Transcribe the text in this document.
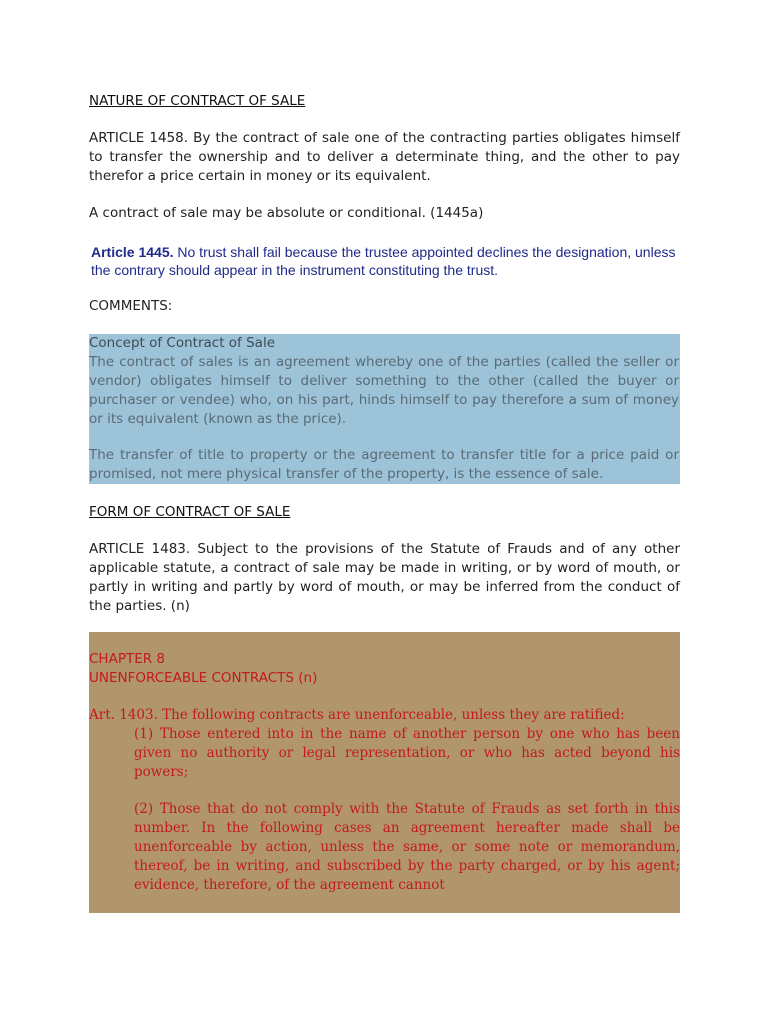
NATURE OF CONTRACT OF SALE

ARTICLE 1458. By the contract of sale one of the contracting parties obligates himself to transfer the ownership and to deliver a determinate thing, and the other to pay therefor a price certain in money or its equivalent.

A contract of sale may be absolute or conditional. (1445a)

Article 1445. No trust shall fail because the trustee appointed declines the designation, unless the contrary should appear in the instrument constituting the trust.

COMMENTS:

Concept of Contract of Sale

The contract of sales is an agreement whereby one of the parties (called the seller or vendor) obligates himself to deliver something to the other (called the buyer or purchaser or vendee) who, on his part, hinds himself to pay therefore a sum of money or its equivalent (known as the price).

The transfer of title to property or the agreement to transfer title for a price paid or promised, not mere physical transfer of the property, is the essence of sale.

FORM OF CONTRACT OF SALE

ARTICLE 1483. Subject to the provisions of the Statute of Frauds and of any other applicable statute, a contract of sale may be made in writing, or by word of mouth, or partly in writing and partly by word of mouth, or may be inferred from the conduct of the parties. (n)

CHAPTER 8

UNENFORCEABLE CONTRACTS (n)

Art. 1403. The following contracts are unenforceable, unless they are ratified:

(1) Those entered into in the name of another person by one who has been given no authority or legal representation, or who has acted beyond his powers;

(2) Those that do not comply with the Statute of Frauds as set forth in this number. In the following cases an agreement hereafter made shall be unenforceable by action, unless the same, or some note or memorandum, thereof, be in writing, and subscribed by the party charged, or by his agent; evidence, therefore, of the agreement cannot
